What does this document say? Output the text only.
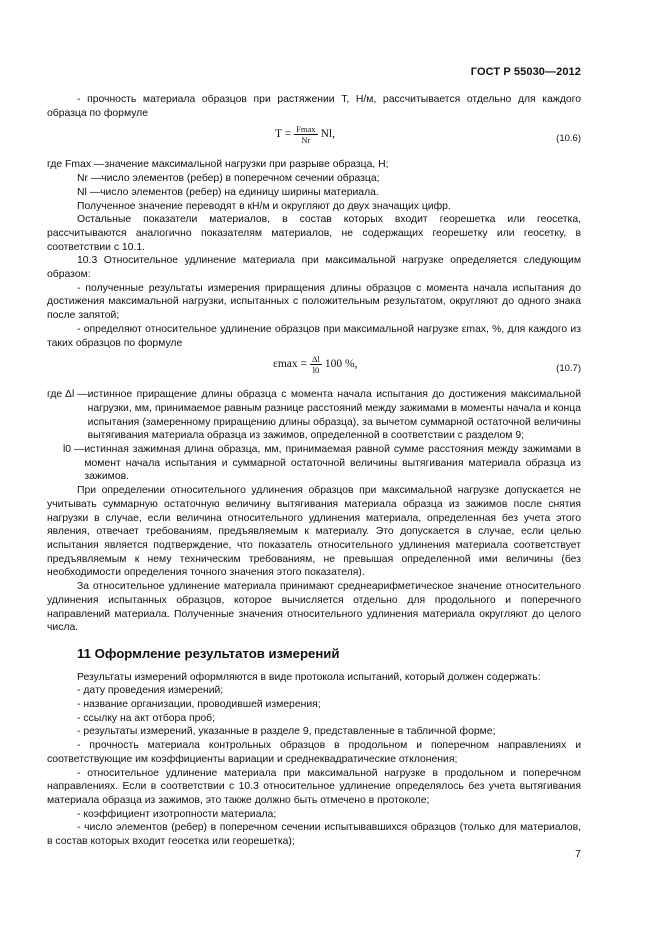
ГОСТ Р 55030—2012

- прочность материала образцов при растяжении T, Н/м, рассчитывается отдельно для каждого образца по формуле

$T = \frac{Fmax}{Nr} Nl$,	(10.6)
где Fmax — значение максимальной нагрузки при разрыве образца, Н;
Nr — число элементов (ребер) в поперечном сечении образца;
Nl — число элементов (ребер) на единицу ширины материала.

Полученное значение переводят в кН/м и округляют до двух значащих цифр.

Остальные показатели материалов, в состав которых входит георешетка или геосетка, рассчитываются аналогично показателям материалов, не содержащих георешетку или геосетку, в соответствии с 10.1.

10.3 Относительное удлинение материала при максимальной нагрузке определяется следующим образом:

- полученные результаты измерения приращения длины образцов с момента начала испытания до достижения максимальной нагрузки, испытанных с положительным результатом, округляют до одного знака после запятой;

- определяют относительное удлинение образцов при максимальной нагрузке εmax, %, для каждого из таких образцов по формуле

$\varepsilon\max = \frac{\Delta l}{l0} 100$ %,	(10.7)
где Δl — истинное приращение длины образца с момента начала испытания до достижения максимальной нагрузки, мм, принимаемое равным разнице расстояний между зажимами в моменты начала и конца испытания (замеренному приращению длины образца), за вычетом суммарной остаточной величины вытягивания материала образца из зажимов, определенной в соответствии с разделом 9;
l0 — истинная зажимная длина образца, мм, принимаемая равной сумме расстояния между зажимами в момент начала испытания и суммарной остаточной величины вытягивания материала образца из зажимов.

При определении относительного удлинения образцов при максимальной нагрузке допускается не учитывать суммарную остаточную величину вытягивания материала образца из зажимов после снятия нагрузки в случае, если величина относительного удлинения материала, определенная без учета этого явления, отвечает требованиям, предъявляемым к материалу. Это допускается в случае, если целью испытания является подтверждение, что показатель относительного удлинения материала соответствует предъявляемым к нему техническим требованиям, не превышая определенной ими величины (без необходимости определения точного значения этого показателя).

За относительное удлинение материала принимают среднеарифметическое значение относительного удлинения испытанных образцов, которое вычисляется отдельно для продольного и поперечного направлений материала. Полученные значения относительного удлинения материала округляют до целого числа.

11 Оформление результатов измерений

Результаты измерений оформляются в виде протокола испытаний, который должен содержать:

- дату проведения измерений;

- название организации, проводившей измерения;

- ссылку на акт отбора проб;

- результаты измерений, указанные в разделе 9, представленные в табличной форме;

- прочность материала контрольных образцов в продольном и поперечном направлениях и соответствующие им коэффициенты вариации и среднеквадратические отклонения;

- относительное удлинение материала при максимальной нагрузке в продольном и поперечном направлениях. Если в соответствии с 10.3 относительное удлинение определялось без учета вытягивания материала образца из зажимов, это также должно быть отмечено в протоколе;

- коэффициент изотропности материала;

- число элементов (ребер) в поперечном сечении испытывавшихся образцов (только для материалов, в состав которых входит геосетка или георешетка);

7
